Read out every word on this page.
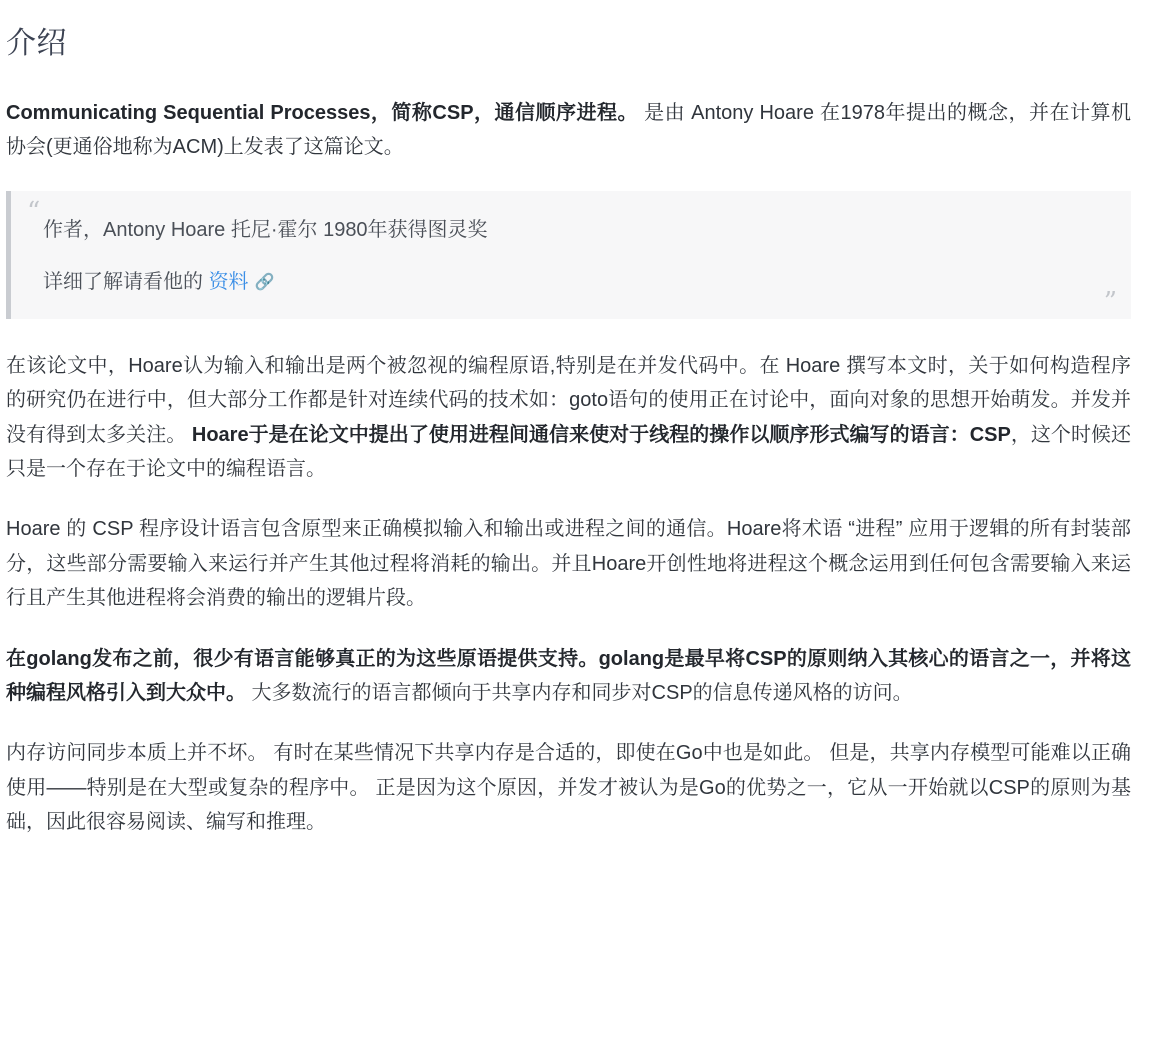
介绍

Communicating Sequential Processes，简称CSP，通信顺序进程。 是由 Antony Hoare 在1978年提出的概念，并在计算机协会(更通俗地称为ACM)上发表了这篇论文。

“
”

作者，Antony Hoare 托尼·霍尔 1980年获得图灵奖

详细了解请看他的 资料 🔗

在该论文中，Hoare认为输入和输出是两个被忽视的编程原语,特别是在并发代码中。在 Hoare 撰写本文时，关于如何构造程序的研究仍在进行中，但大部分工作都是针对连续代码的技术如：goto语句的使用正在讨论中，面向对象的思想开始萌发。并发并没有得到太多关注。 Hoare于是在论文中提出了使用进程间通信来使对于线程的操作以顺序形式编写的语言：CSP，这个时候还只是一个存在于论文中的编程语言。

Hoare 的 CSP 程序设计语言包含原型来正确模拟输入和输出或进程之间的通信。Hoare将术语 “进程” 应用于逻辑的所有封装部分，这些部分需要输入来运行并产生其他过程将消耗的输出。并且Hoare开创性地将进程这个概念运用到任何包含需要输入来运行且产生其他进程将会消费的输出的逻辑片段。

在golang发布之前，很少有语言能够真正的为这些原语提供支持。golang是最早将CSP的原则纳入其核心的语言之一，并将这种编程风格引入到大众中。 大多数流行的语言都倾向于共享内存和同步对CSP的信息传递风格的访问。

内存访问同步本质上并不坏。 有时在某些情况下共享内存是合适的，即使在Go中也是如此。 但是，共享内存模型可能难以正确使用——特别是在大型或复杂的程序中。 正是因为这个原因，并发才被认为是Go的优势之一，它从一开始就以CSP的原则为基础，因此很容易阅读、编写和推理。
